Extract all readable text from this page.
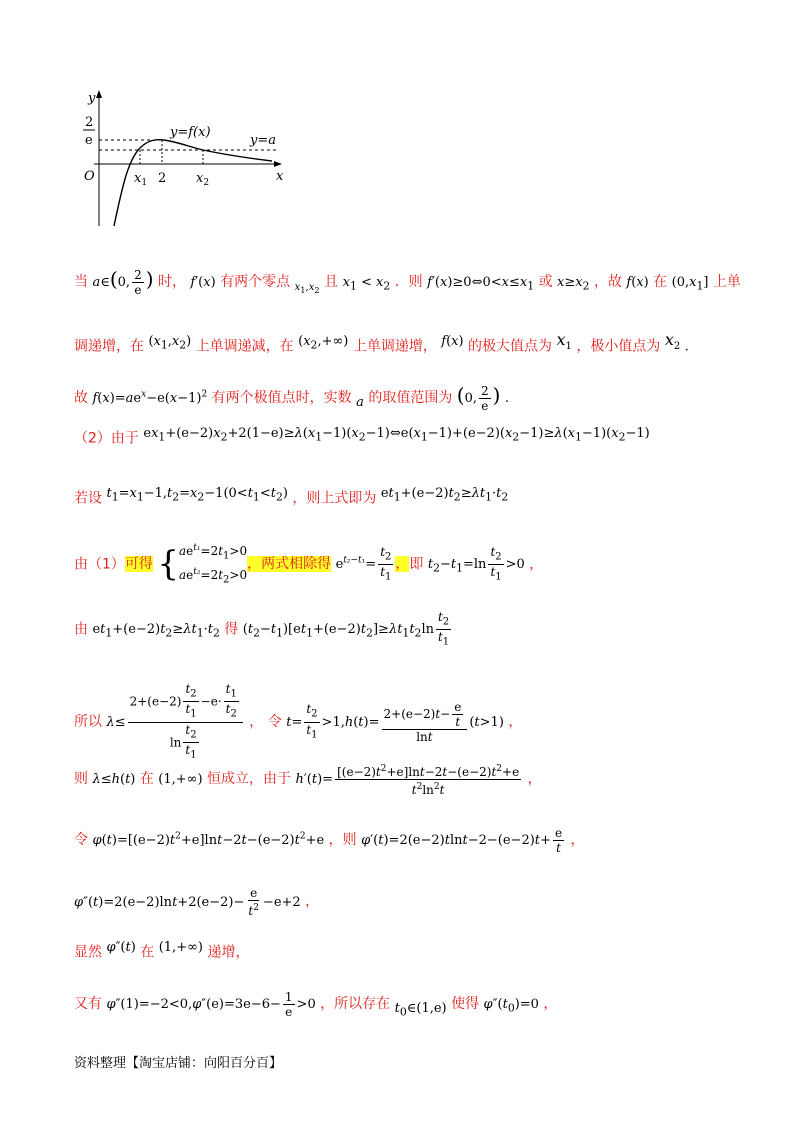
y
x
O
2
e
y=f(x)
y=a
$x_1$ 2 $x_2$
当 a∈(0, $\frac{2}{e}$ ) 时， f′(x) 有两个零点 $_{x_1,x_2}$ 且 $x_1 < x_2$ ．则 $f'(x)\ge 0\Leftrightarrow 0<x\le x_1$ 或 $x\ge x_2$ ，故 f(x) 在 $(0,x_1]$ 上单
调递增，在 $(x_1,x_2)$ 上单调递减，在 $(x_2,+\infty)$ 上单调递增， f(x) 的极大值点为 $x_1$ ，极小值点为 $x_2$ .
故 $f(x)=ae^x-e(x-1)^2$ 有两个极值点时，实数 a 的取值范围为 (0, $\frac{2}{e}$ ) .
（2）由于 $ex_1+(e-2)x_2+2(1-e)\ge\lambda(x_1-1)(x_2-1)\Leftrightarrow e(x_1-1)+(e-2)(x_2-1)\ge\lambda(x_1-1)(x_2-1)$
若设 $t_1=x_1-1,t_2=x_2-1(0<t_1<t_2)$ ，则上式即为 $et_1+(e-2)t_2\ge\lambda t_1\cdot t_2$
由（1）可得 { $ae^{t_1}=2t_1>0$
$ae^{t_2}=2t_2>0$
，两式相除得 $e^{t_2-t_1}= \frac{t_2}{t_1}$ ，即 $t_2-t_1=\ln \frac{t_2}{t_1} >0$ ，
由 $et_1+(e-2)t_2\ge\lambda t_1\cdot t_2$ 得 $(t_2-t_1)[et_1+(e-2)t_2]\ge\lambda t_1t_2\ln \frac{t_2}{t_1}$
所以 $\lambda\le \frac{2+(e-2) \frac{t_2}{t_1} -e\cdot \frac{t_1}{t_2}}{\ln \frac{t_2}{t_1}}$ ， 令 $t= \frac{t_2}{t_1} >1,h(t)= \frac{2+(e-2)t- \frac{e}{t}}{\ln t} (t>1)$ ，
则 λ≤h(t) 在 (1,+∞) 恒成立，由于 $h'(t)= \frac{[(e-2)t^2+e]\ln t-2t-(e-2)t^2+e}{t^2\ln^2t}$ ，
令 $\varphi(t)=[(e-2)t^2+e]\ln t-2t-(e-2)t^2+e$ ，则 $\varphi'(t)=2(e-2)tlnt-2-(e-2)t+ \frac{e}{t}$ ，
$\varphi''(t)=2(e-2)\ln t+2(e-2)- \frac{e}{t^2} -e+2$ ，
显然 φ″(t) 在 (1,+∞) 递增，
又有 $\varphi''(1)=-2<0,\varphi''(e)=3e-6- \frac{1}{e} >0$ ，所以存在 $t_0\in(1,e)$ 使得 $\varphi''(t_0)=0$ ，
资料整理【淘宝店铺：向阳百分百】
